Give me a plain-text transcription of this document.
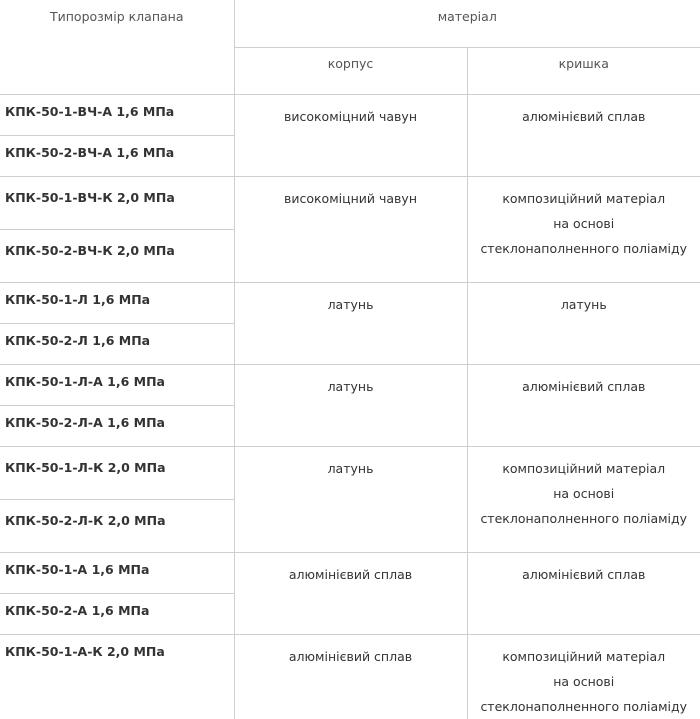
Типорозмір клапана	матеріал	
	корпус	кришка
КПК-50-1-ВЧ-А 1,6 МПа	високоміцний чавун	алюмінієвий сплав

КПК-50-2-ВЧ-А 1,6 МПа		
КПК-50-1-ВЧ-К 2,0 МПа	високоміцний чавун	композиційний матеріал
на основі
стеклонаполненного поліаміду

КПК-50-2-ВЧ-К 2,0 МПа		
КПК-50-1-Л 1,6 МПа	латунь	латунь

КПК-50-2-Л 1,6 МПа		
КПК-50-1-Л-А 1,6 МПа	латунь	алюмінієвий сплав

КПК-50-2-Л-А 1,6 МПа		
КПК-50-1-Л-К 2,0 МПа	латунь	композиційний матеріал
на основі
стеклонаполненного поліаміду

КПК-50-2-Л-К 2,0 МПа		
КПК-50-1-А 1,6 МПа	алюмінієвий сплав	алюмінієвий сплав

КПК-50-2-А 1,6 МПа		
КПК-50-1-А-К 2,0 МПа	алюмінієвий сплав	композиційний матеріал
на основі
стеклонаполненного поліаміду
